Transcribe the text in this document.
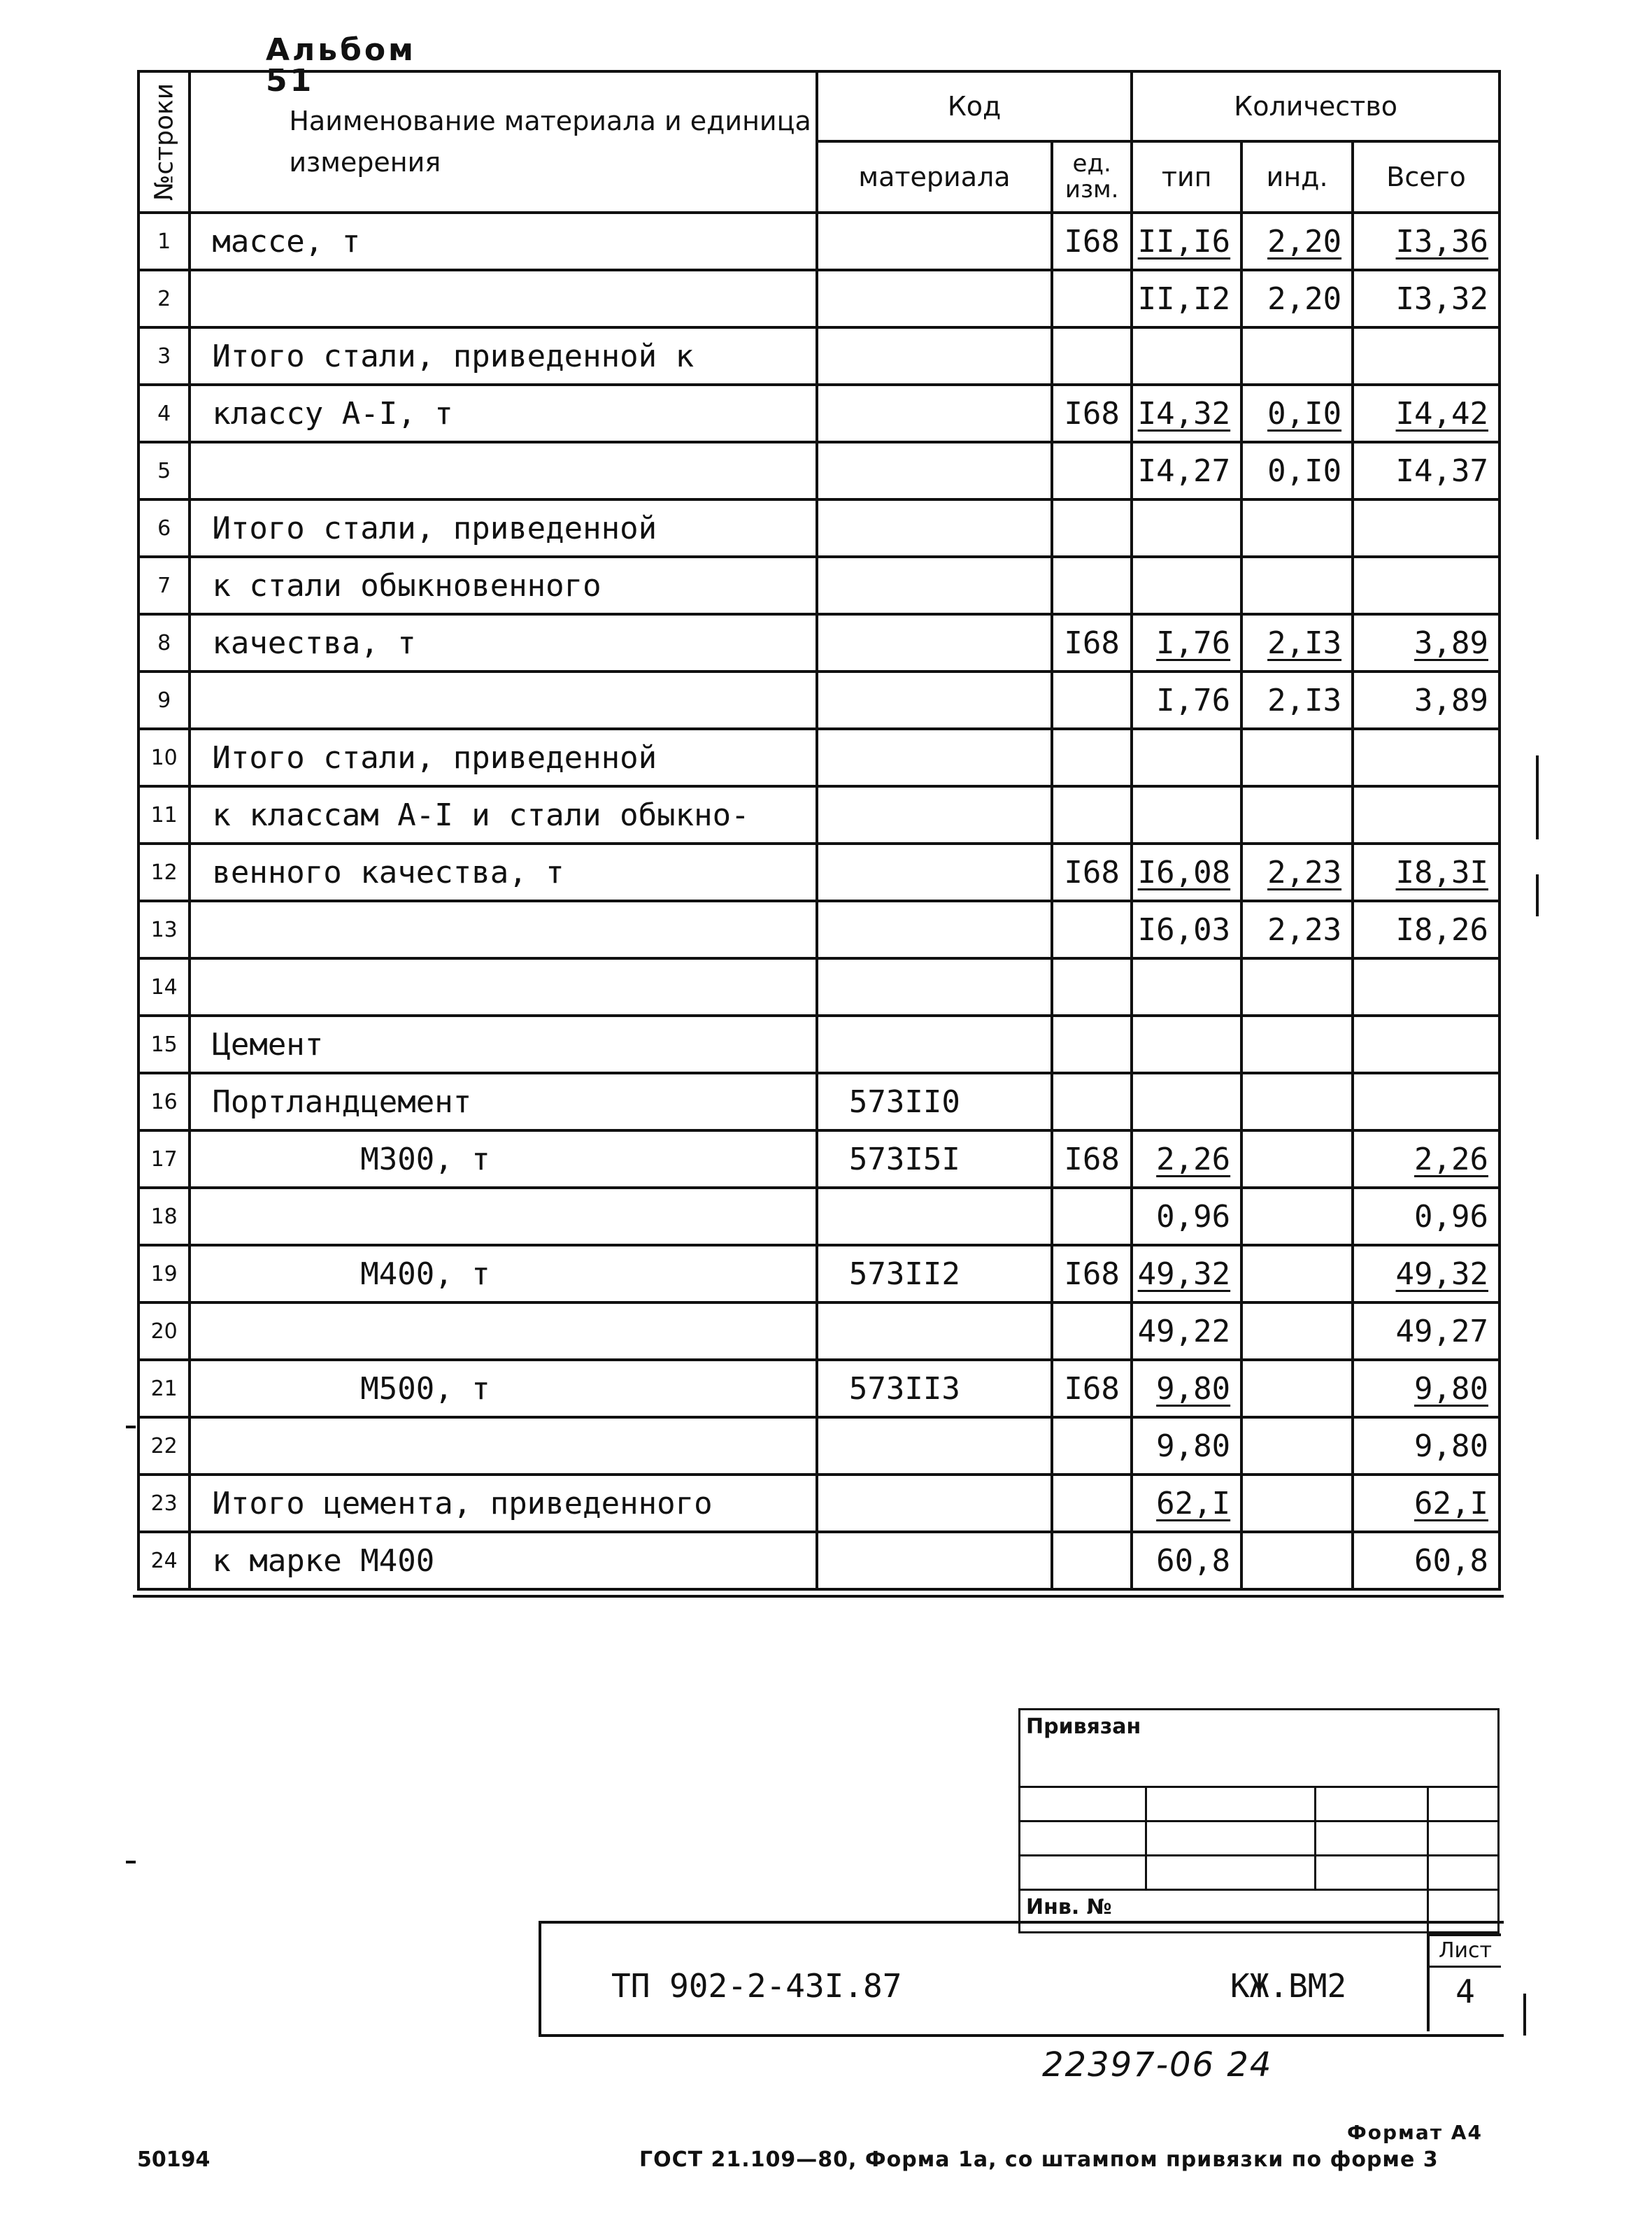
Альбом 51
№строки	Наименование материала и единица измерения	Код		Количество		
		материала	ед. изм.	тип	инд.	Всего
1	массе, т		I68	II,I6	2,20	I3,36
2				II,I2	2,20	I3,32
3	Итого стали, приведенной к					
4	классу А-I, т		I68	I4,32	0,I0	I4,42
5				I4,27	0,I0	I4,37
6	Итого стали, приведенной					
7	к стали обыкновенного					
8	качества, т		I68	I,76	2,I3	3,89
9				I,76	2,I3	3,89
10	Итого стали, приведенной					
11	к классам А-I и стали обыкно-					
12	венного качества, т		I68	I6,08	2,23	I8,3I
13				I6,03	2,23	I8,26
14						
15	Цемент					
16	Портландцемент	573II0				
17	М300, т	573I5I	I68	2,26		2,26
18				0,96		0,96
19	М400, т	573II2	I68	49,32		49,32
20				49,22		49,27
21	М500, т	573II3	I68	9,80		9,80
22				9,80		9,80
23	Итого цемента, приведенного			62,I		62,I
24	к марке М400			60,8		60,8
Привязан			

Инв. №			
ТП 902-2-43I.87	КЖ.ВМ2
Лист
4
22397-06 24
Формат А4
50194	ГОСТ 21.109—80, Форма 1а, со штампом привязки по форме 3
